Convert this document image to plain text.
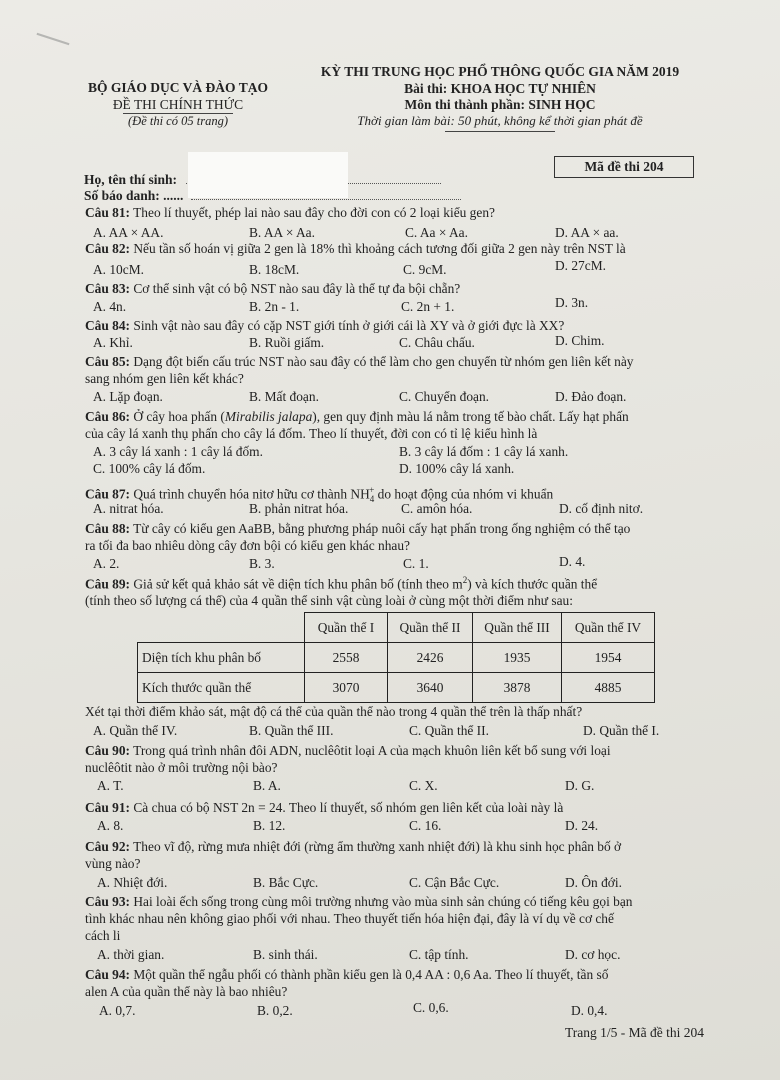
BỘ GIÁO DỤC VÀ ĐÀO TẠO
ĐỀ THI CHÍNH THỨC
(Đề thi có 05 trang)
KỲ THI TRUNG HỌC PHỔ THÔNG QUỐC GIA NĂM 2019
Bài thi: KHOA HỌC TỰ NHIÊN
Môn thi thành phần: SINH HỌC
Thời gian làm bài: 50 phút, không kể thời gian phát đề
Họ, tên thí sinh:
Số báo danh: ......
Mã đề thi 204
Câu 81: Theo lí thuyết, phép lai nào sau đây cho đời con có 2 loại kiểu gen?
A. AA × AA.	B. AA × Aa.	C. Aa × Aa.	D. AA × aa.
Câu 82: Nếu tần số hoán vị giữa 2 gen là 18% thì khoảng cách tương đối giữa 2 gen này trên NST là
A. 10cM.	B. 18cM.	C. 9cM.	D. 27cM.
Câu 83: Cơ thể sinh vật có bộ NST nào sau đây là thể tự đa bội chẵn?
A. 4n.	B. 2n - 1.	C. 2n + 1.	D. 3n.
Câu 84: Sinh vật nào sau đây có cặp NST giới tính ở giới cái là XY và ở giới đực là XX?
A. Khỉ.	B. Ruồi giấm.	C. Châu chấu.	D. Chim.
Câu 85: Dạng đột biến cấu trúc NST nào sau đây có thể làm cho gen chuyển từ nhóm gen liên kết này
sang nhóm gen liên kết khác?
A. Lặp đoạn.	B. Mất đoạn.	C. Chuyển đoạn.	D. Đảo đoạn.
Câu 86: Ở cây hoa phấn (Mirabilis jalapa), gen quy định màu lá nằm trong tế bào chất. Lấy hạt phấn
của cây lá xanh thụ phấn cho cây lá đốm. Theo lí thuyết, đời con có tỉ lệ kiểu hình là
A. 3 cây lá xanh : 1 cây lá đốm.	B. 3 cây lá đốm : 1 cây lá xanh.
C. 100% cây lá đốm.	D. 100% cây lá xanh.
Câu 87: Quá trình chuyển hóa nitơ hữu cơ thành $NH_4^+$ do hoạt động của nhóm vi khuẩn
A. nitrat hóa.	B. phản nitrat hóa.	C. amôn hóa.	D. cố định nitơ.
Câu 88: Từ cây có kiểu gen AaBB, bằng phương pháp nuôi cấy hạt phấn trong ống nghiệm có thể tạo
ra tối đa bao nhiêu dòng cây đơn bội có kiểu gen khác nhau?
A. 2.	B. 3.	C. 1.	D. 4.
Câu 89: Giả sử kết quả khảo sát về diện tích khu phân bố (tính theo $m^2$) và kích thước quần thể
(tính theo số lượng cá thể) của 4 quần thể sinh vật cùng loài ở cùng một thời điểm như sau:
	Quần thể I	Quần thể II	Quần thể III	Quần thể IV
Diện tích khu phân bố	2558	2426	1935	1954
Kích thước quần thể	3070	3640	3878	4885
Xét tại thời điểm khảo sát, mật độ cá thể của quần thể nào trong 4 quần thể trên là thấp nhất?
A. Quần thể IV.	B. Quần thể III.	C. Quần thể II.	D. Quần thể I.
Câu 90: Trong quá trình nhân đôi ADN, nuclêôtit loại A của mạch khuôn liên kết bổ sung với loại
nuclêôtit nào ở môi trường nội bào?
A. T.	B. A.	C. X.	D. G.
Câu 91: Cà chua có bộ NST 2n = 24. Theo lí thuyết, số nhóm gen liên kết của loài này là
A. 8.	B. 12.	C. 16.	D. 24.
Câu 92: Theo vĩ độ, rừng mưa nhiệt đới (rừng ẩm thường xanh nhiệt đới) là khu sinh học phân bố ở
vùng nào?
A. Nhiệt đới.	B. Bắc Cực.	C. Cận Bắc Cực.	D. Ôn đới.
Câu 93: Hai loài ếch sống trong cùng môi trường nhưng vào mùa sinh sản chúng có tiếng kêu gọi bạn
tình khác nhau nên không giao phối với nhau. Theo thuyết tiến hóa hiện đại, đây là ví dụ về cơ chế
cách li
A. thời gian.	B. sinh thái.	C. tập tính.	D. cơ học.
Câu 94: Một quần thể ngẫu phối có thành phần kiểu gen là 0,4 AA : 0,6 Aa. Theo lí thuyết, tần số
alen A của quần thể này là bao nhiêu?
A. 0,7.	B. 0,2.	C. 0,6.	D. 0,4.
Trang 1/5 - Mã đề thi 204
